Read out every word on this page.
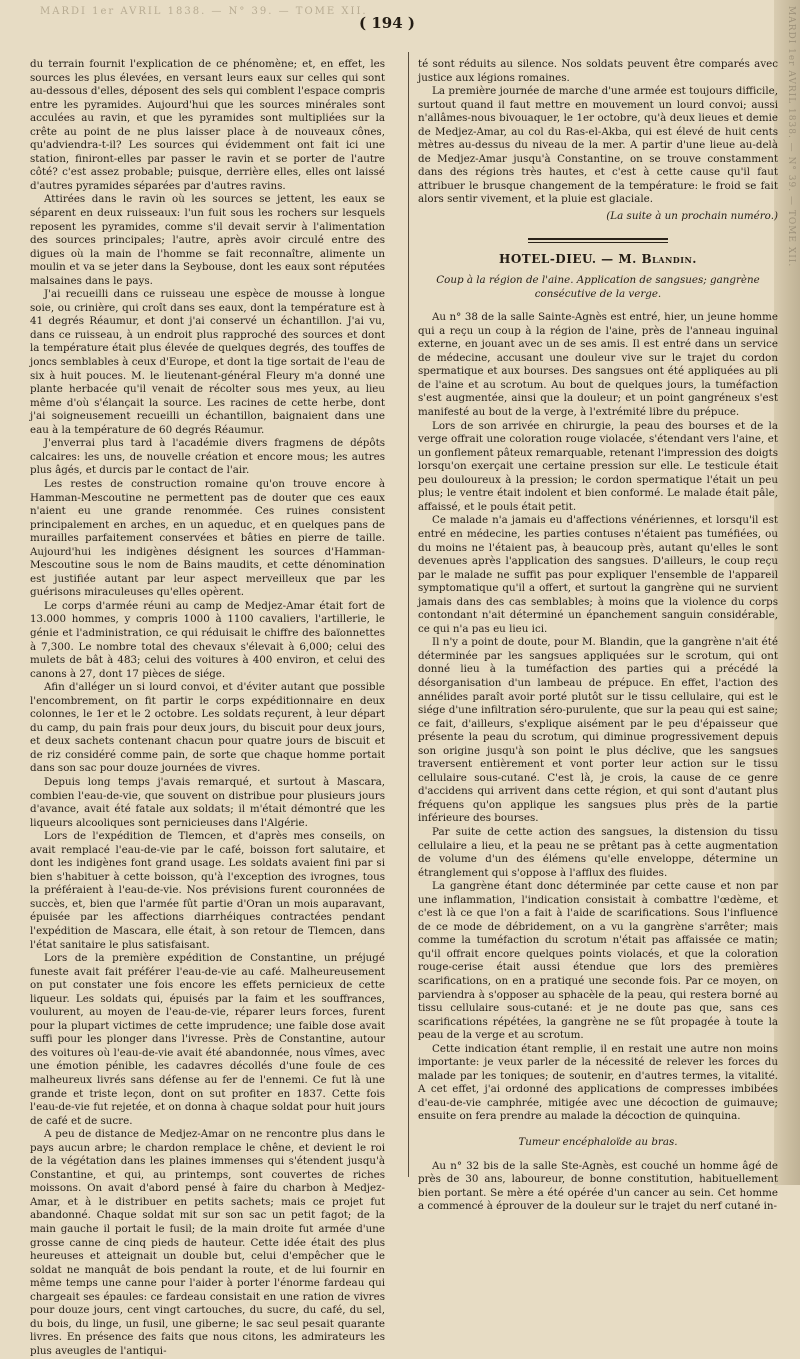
MARDI 1er AVRIL 1838. — N° 39. — TOME XII.
( 194 )	MARDI 1er AVRIL 1838. — N° 39. — TOME XII.

du terrain fournit l'explication de ce phénomène; et, en effet, les sources les plus élevées, en versant leurs eaux sur celles qui sont au-dessous d'elles, déposent des sels qui comblent l'espace compris entre les pyramides. Aujourd'hui que les sources minérales sont acculées au ravin, et que les pyramides sont multipliées sur la crête au point de ne plus laisser place à de nouveaux cônes, qu'adviendra-t-il? Les sources qui évidemment ont fait ici une station, finiront-elles par passer le ravin et se porter de l'autre côté? c'est assez probable; puisque, derrière elles, elles ont laissé d'autres pyramides séparées par d'autres ravins.

Attirées dans le ravin où les sources se jettent, les eaux se séparent en deux ruisseaux: l'un fuit sous les rochers sur lesquels reposent les pyramides, comme s'il devait servir à l'alimentation des sources principales; l'autre, après avoir circulé entre des digues où la main de l'homme se fait reconnaître, alimente un moulin et va se jeter dans la Seybouse, dont les eaux sont réputées malsaines dans le pays.

J'ai recueilli dans ce ruisseau une espèce de mousse à longue soie, ou crinière, qui croît dans ses eaux, dont la température est à 41 degrés Réaumur, et dont j'ai conservé un échantillon. J'ai vu, dans ce ruisseau, à un endroit plus rapproché des sources et dont la température était plus élevée de quelques degrés, des touffes de joncs semblables à ceux d'Europe, et dont la tige sortait de l'eau de six à huit pouces. M. le lieutenant-général Fleury m'a donné une plante herbacée qu'il venait de récolter sous mes yeux, au lieu même d'où s'élançait la source. Les racines de cette herbe, dont j'ai soigneusement recueilli un échantillon, baignaient dans une eau à la température de 60 degrés Réaumur.

J'enverrai plus tard à l'académie divers fragmens de dépôts calcaires: les uns, de nouvelle création et encore mous; les autres plus âgés, et durcis par le contact de l'air.

Les restes de construction romaine qu'on trouve encore à Hamman-Mescoutine ne permettent pas de douter que ces eaux n'aient eu une grande renommée. Ces ruines consistent principalement en arches, en un aqueduc, et en quelques pans de murailles parfaitement conservées et bâties en pierre de taille. Aujourd'hui les indigènes désignent les sources d'Hamman-Mescoutine sous le nom de Bains maudits, et cette dénomination est justifiée autant par leur aspect merveilleux que par les guérisons miraculeuses qu'elles opèrent.

Le corps d'armée réuni au camp de Medjez-Amar était fort de 13.000 hommes, y compris 1000 à 1100 cavaliers, l'artillerie, le génie et l'administration, ce qui réduisait le chiffre des baïonnettes à 7,300. Le nombre total des chevaux s'élevait à 6,000; celui des mulets de bât à 483; celui des voitures à 400 environ, et celui des canons à 27, dont 17 pièces de siége.

Afin d'alléger un si lourd convoi, et d'éviter autant que possible l'encombrement, on fit partir le corps expéditionnaire en deux colonnes, le 1er et le 2 octobre. Les soldats reçurent, à leur départ du camp, du pain frais pour deux jours, du biscuit pour deux jours, et deux sachets contenant chacun pour quatre jours de biscuit et de riz considéré comme pain, de sorte que chaque homme portait dans son sac pour douze journées de vivres.

Depuis long temps j'avais remarqué, et surtout à Mascara, combien l'eau-de-vie, que souvent on distribue pour plusieurs jours d'avance, avait été fatale aux soldats; il m'était démontré que les liqueurs alcooliques sont pernicieuses dans l'Algérie.

Lors de l'expédition de Tlemcen, et d'après mes conseils, on avait remplacé l'eau-de-vie par le café, boisson fort salutaire, et dont les indigènes font grand usage. Les soldats avaient fini par si bien s'habituer à cette boisson, qu'à l'exception des ivrognes, tous la préféraient à l'eau-de-vie. Nos prévisions furent couronnées de succès, et, bien que l'armée fût partie d'Oran un mois auparavant, épuisée par les affections diarrhéiques contractées pendant l'expédition de Mascara, elle était, à son retour de Tlemcen, dans l'état sanitaire le plus satisfaisant.

Lors de la première expédition de Constantine, un préjugé funeste avait fait préférer l'eau-de-vie au café. Malheureusement on put constater une fois encore les effets pernicieux de cette liqueur. Les soldats qui, épuisés par la faim et les souffrances, voulurent, au moyen de l'eau-de-vie, réparer leurs forces, furent pour la plupart victimes de cette imprudence; une faible dose avait suffi pour les plonger dans l'ivresse. Près de Constantine, autour des voitures où l'eau-de-vie avait été abandonnée, nous vîmes, avec une émotion pénible, les cadavres décollés d'une foule de ces malheureux livrés sans défense au fer de l'ennemi. Ce fut là une grande et triste leçon, dont on sut profiter en 1837. Cette fois l'eau-de-vie fut rejetée, et on donna à chaque soldat pour huit jours de café et de sucre.

A peu de distance de Medjez-Amar on ne rencontre plus dans le pays aucun arbre; le chardon remplace le chêne, et devient le roi de la végétation dans les plaines immenses qui s'étendent jusqu'à Constantine, et qui, au printemps, sont couvertes de riches moissons. On avait d'abord pensé à faire du charbon à Medjez-Amar, et à le distribuer en petits sachets; mais ce projet fut abandonné. Chaque soldat mit sur son sac un petit fagot; de la main gauche il portait le fusil; de la main droite fut armée d'une grosse canne de cinq pieds de hauteur. Cette idée était des plus heureuses et atteignait un double but, celui d'empêcher que le soldat ne manquât de bois pendant la route, et de lui fournir en même temps une canne pour l'aider à porter l'énorme fardeau qui chargeait ses épaules: ce fardeau consistait en une ration de vivres pour douze jours, cent vingt cartouches, du sucre, du café, du sel, du bois, du linge, un fusil, une giberne; le sac seul pesait quarante livres. En présence des faits que nous citons, les admirateurs les plus aveugles de l'antiqui-

té sont réduits au silence. Nos soldats peuvent être comparés avec justice aux légions romaines.

La première journée de marche d'une armée est toujours difficile, surtout quand il faut mettre en mouvement un lourd convoi; aussi n'allâmes-nous bivouaquer, le 1er octobre, qu'à deux lieues et demie de Medjez-Amar, au col du Ras-el-Akba, qui est élevé de huit cents mètres au-dessus du niveau de la mer. A partir d'une lieue au-delà de Medjez-Amar jusqu'à Constantine, on se trouve constamment dans des régions très hautes, et c'est à cette cause qu'il faut attribuer le brusque changement de la température: le froid se fait alors sentir vivement, et la pluie est glaciale.

(La suite à un prochain numéro.)
HOTEL-DIEU. — M. Blandin.
Coup à la région de l'aine. Application de sangsues; gangrène consécutive de la verge.

Au n° 38 de la salle Sainte-Agnès est entré, hier, un jeune homme qui a reçu un coup à la région de l'aine, près de l'anneau inguinal externe, en jouant avec un de ses amis. Il est entré dans un service de médecine, accusant une douleur vive sur le trajet du cordon spermatique et aux bourses. Des sangsues ont été appliquées au pli de l'aine et au scrotum. Au bout de quelques jours, la tuméfaction s'est augmentée, ainsi que la douleur; et un point gangréneux s'est manifesté au bout de la verge, à l'extrémité libre du prépuce.

Lors de son arrivée en chirurgie, la peau des bourses et de la verge offrait une coloration rouge violacée, s'étendant vers l'aine, et un gonflement pâteux remarquable, retenant l'impression des doigts lorsqu'on exerçait une certaine pression sur elle. Le testicule était peu douloureux à la pression; le cordon spermatique l'était un peu plus; le ventre était indolent et bien conformé. Le malade était pâle, affaissé, et le pouls était petit.

Ce malade n'a jamais eu d'affections vénériennes, et lorsqu'il est entré en médecine, les parties contuses n'étaient pas tuméfiées, ou du moins ne l'étaient pas, à beaucoup près, autant qu'elles le sont devenues après l'application des sangsues. D'ailleurs, le coup reçu par le malade ne suffit pas pour expliquer l'ensemble de l'appareil symptomatique qu'il a offert, et surtout la gangrène qui ne survient jamais dans des cas semblables; à moins que la violence du corps contondant n'ait déterminé un épanchement sanguin considérable, ce qui n'a pas eu lieu ici.

Il n'y a point de doute, pour M. Blandin, que la gangrène n'ait été déterminée par les sangsues appliquées sur le scrotum, qui ont donné lieu à la tuméfaction des parties qui a précédé la désorganisation d'un lambeau de prépuce. En effet, l'action des annélides paraît avoir porté plutôt sur le tissu cellulaire, qui est le siége d'une infiltration séro-purulente, que sur la peau qui est saine; ce fait, d'ailleurs, s'explique aisément par le peu d'épaisseur que présente la peau du scrotum, qui diminue progressivement depuis son origine jusqu'à son point le plus déclive, que les sangsues traversent entièrement et vont porter leur action sur le tissu cellulaire sous-cutané. C'est là, je crois, la cause de ce genre d'accidens qui arrivent dans cette région, et qui sont d'autant plus fréquens qu'on applique les sangsues plus près de la partie inférieure des bourses.

Par suite de cette action des sangsues, la distension du tissu cellulaire a lieu, et la peau ne se prêtant pas à cette augmentation de volume d'un des élémens qu'elle enveloppe, détermine un étranglement qui s'oppose à l'afflux des fluides.

La gangrène étant donc déterminée par cette cause et non par une inflammation, l'indication consistait à combattre l'œdème, et c'est là ce que l'on a fait à l'aide de scarifications. Sous l'influence de ce mode de débridement, on a vu la gangrène s'arrêter; mais comme la tuméfaction du scrotum n'était pas affaissée ce matin; qu'il offrait encore quelques points violacés, et que la coloration rouge-cerise était aussi étendue que lors des premières scarifications, on en a pratiqué une seconde fois. Par ce moyen, on parviendra à s'opposer au sphacèle de la peau, qui restera borné au tissu cellulaire sous-cutané: et je ne doute pas que, sans ces scarifications répétées, la gangrène ne se fût propagée à toute la peau de la verge et au scrotum.

Cette indication étant remplie, il en restait une autre non moins importante: je veux parler de la nécessité de relever les forces du malade par les toniques; de soutenir, en d'autres termes, la vitalité. A cet effet, j'ai ordonné des applications de compresses imbibées d'eau-de-vie camphrée, mitigée avec une décoction de guimauve; ensuite on fera prendre au malade la décoction de quinquina.

Tumeur encéphaloïde au bras.

Au n° 32 bis de la salle Ste-Agnès, est couché un homme âgé de près de 30 ans, laboureur, de bonne constitution, habituellement bien portant. Se mère a été opérée d'un cancer au sein. Cet homme a commencé à éprouver de la douleur sur le trajet du nerf cutané in-
